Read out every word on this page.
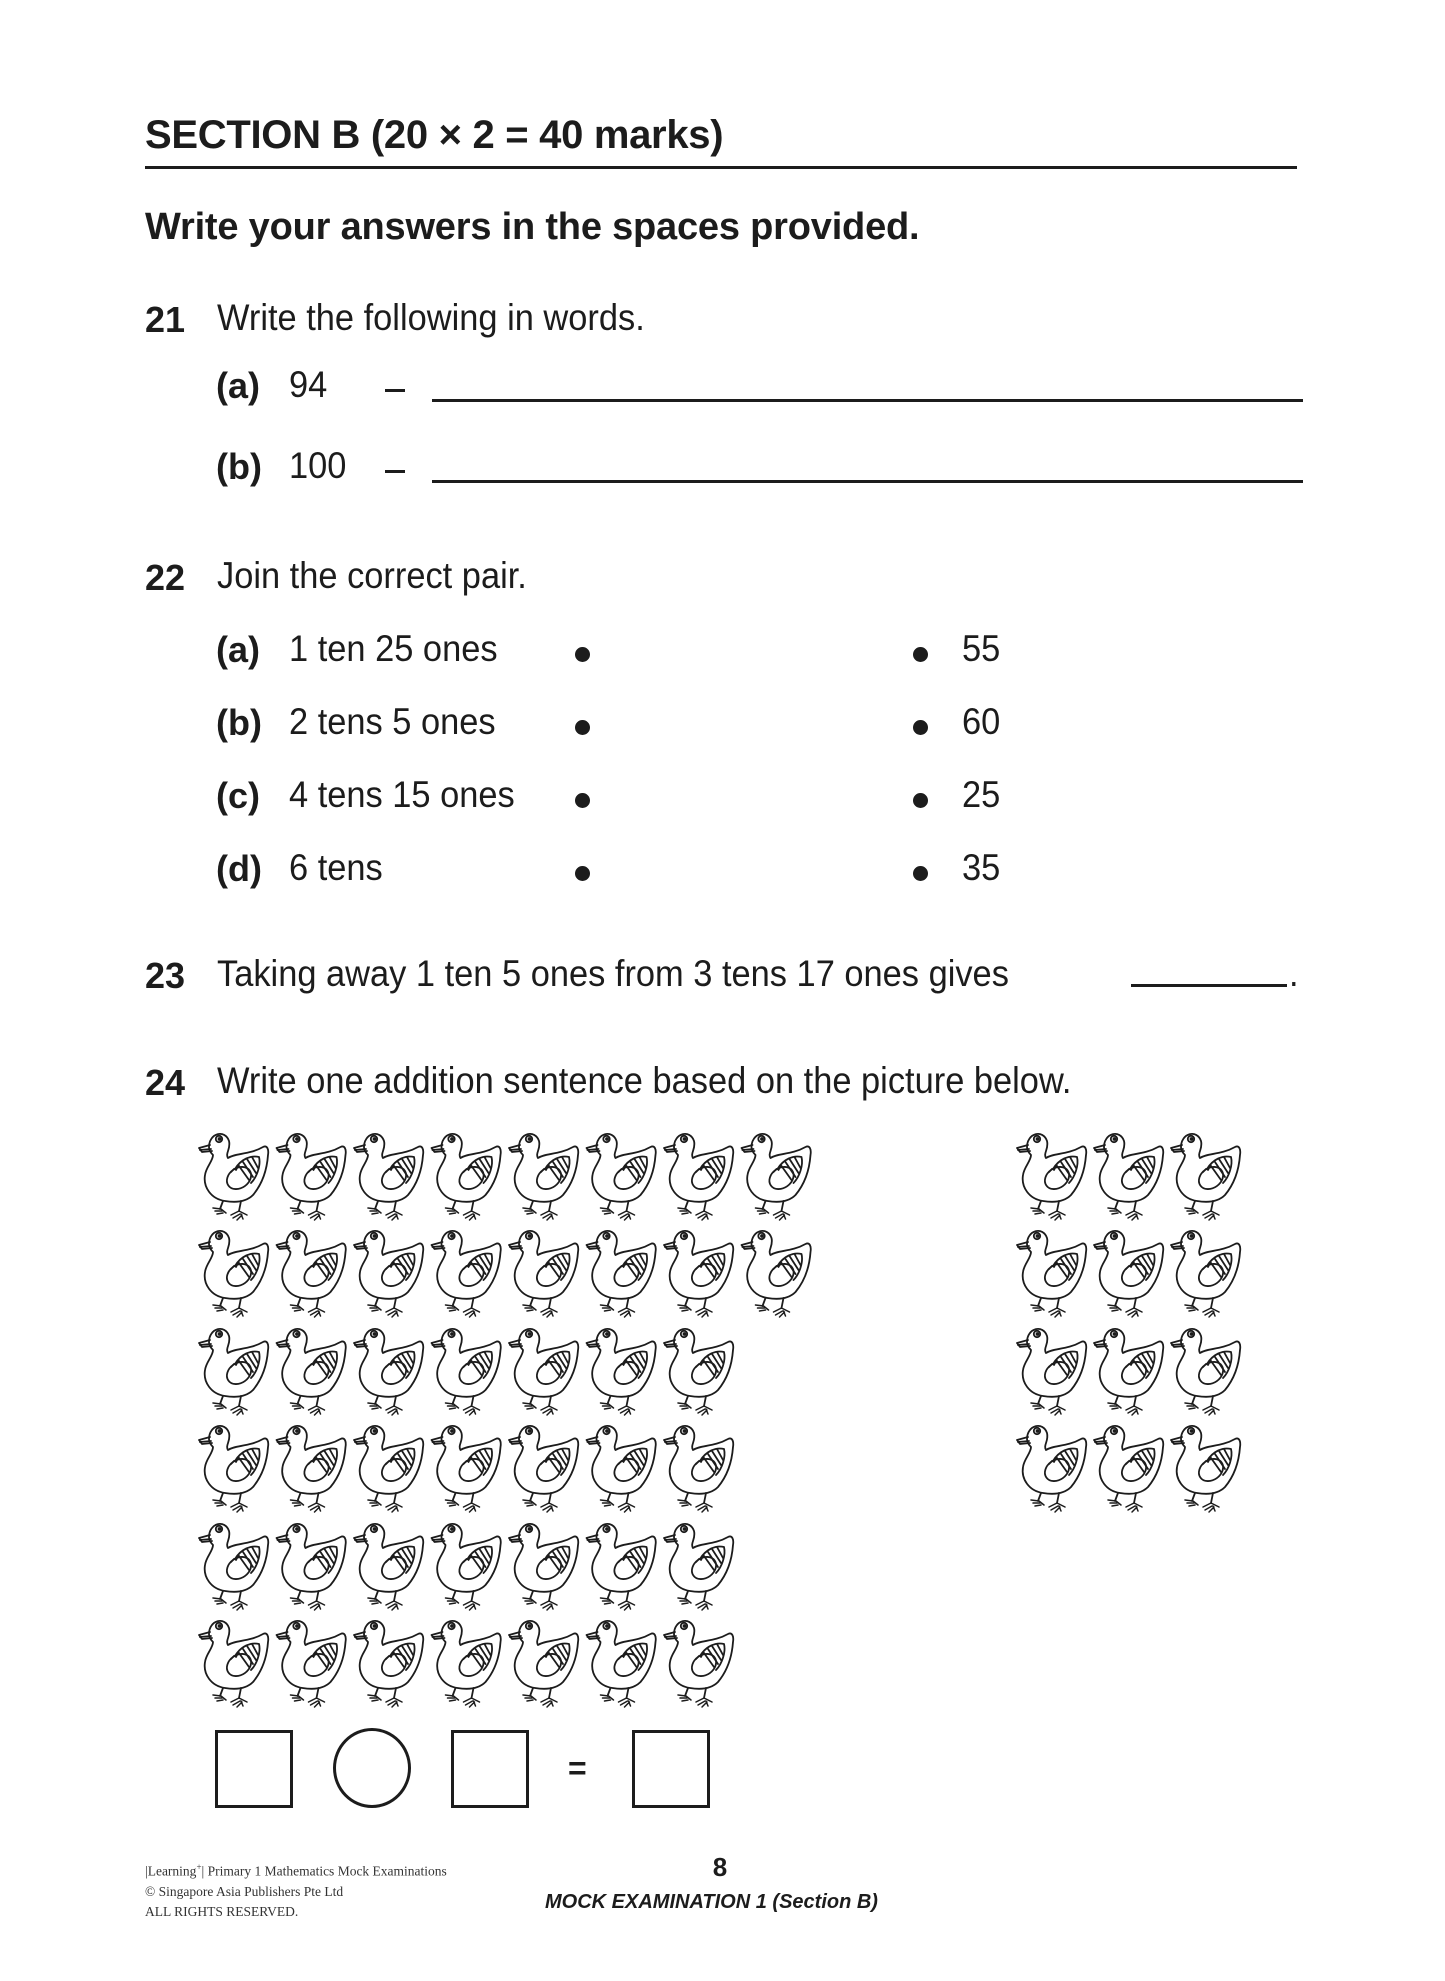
SECTION B (20 × 2 = 40 marks)
Write your answers in the spaces provided.
21 Write the following in words.
(a) 94
(b) 100
22 Join the correct pair.
(a) 1 ten 25 ones	55
(b) 2 tens 5 ones	60
(c) 4 tens 15 ones	25
(d) 6 tens	35
23 Taking away 1 ten 5 ones from 3 tens 17 ones gives	.
24 Write one addition sentence based on the picture below.
=
|Learning+| Primary 1 Mathematics Mock Examinations
© Singapore Asia Publishers Pte Ltd
ALL RIGHTS RESERVED.
8
MOCK EXAMINATION 1 (Section B)
